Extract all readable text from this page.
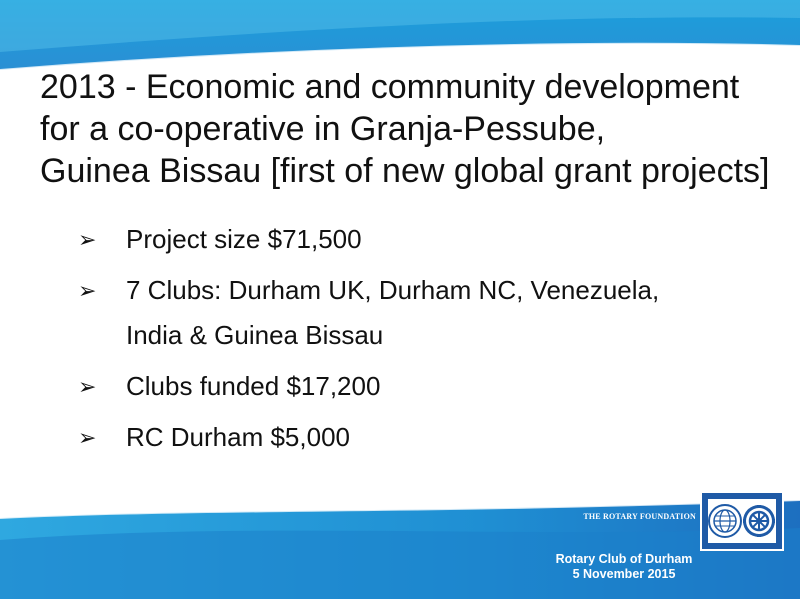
2013 - Economic and community development
for a co-operative in Granja-Pessube,
Guinea Bissau [first of new global grant projects]
➢ Project size $71,500
➢ 7 Clubs: Durham UK, Durham NC, Venezuela,
India & Guinea Bissau
➢ Clubs funded $17,200
➢ RC Durham $5,000
THE ROTARY FOUNDATION
Rotary Club of Durham
5 November 2015
